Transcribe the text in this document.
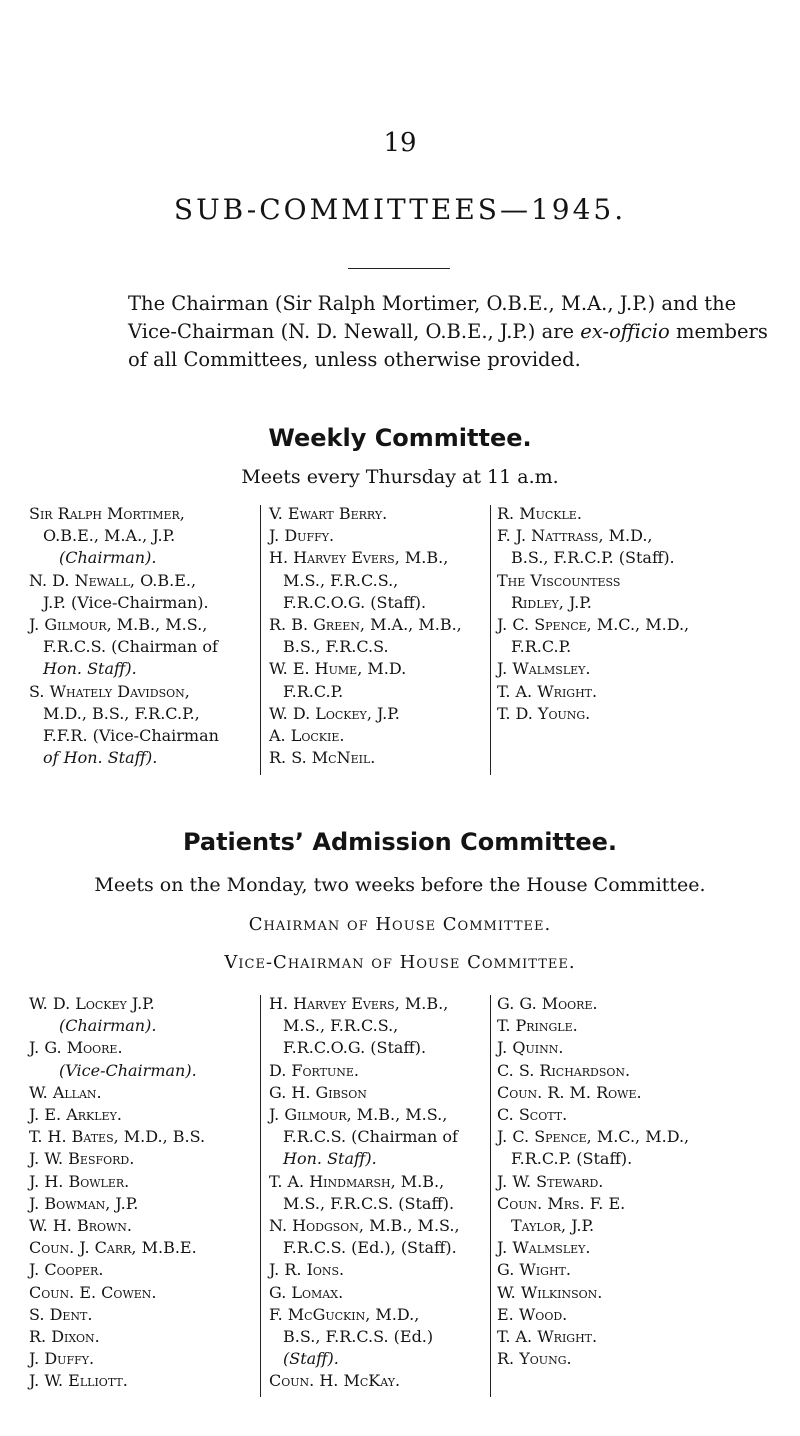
19
SUB-COMMITTEES—1945.
The Chairman (Sir Ralph Mortimer, O.B.E., M.A., J.P.) and the Vice-Chairman (N. D. Newall, O.B.E., J.P.) are ex-officio members of all Committees, unless otherwise provided.
Weekly Committee.
Meets every Thursday at 11 a.m.
Sir Ralph Mortimer,
O.B.E., M.A., J.P.
(Chairman).
N. D. Newall, O.B.E.,
J.P. (Vice-Chairman).
J. Gilmour, M.B., M.S.,
F.R.C.S. (Chairman of
Hon. Staff).
S. Whately Davidson,
M.D., B.S., F.R.C.P.,
F.F.R. (Vice-Chairman
of Hon. Staff).
V. Ewart Berry.
J. Duffy.
H. Harvey Evers, M.B.,
M.S., F.R.C.S.,
F.R.C.O.G. (Staff).
R. B. Green, M.A., M.B.,
B.S., F.R.C.S.
W. E. Hume, M.D.
F.R.C.P.
W. D. Lockey, J.P.
A. Lockie.
R. S. McNeil.
R. Muckle.
F. J. Nattrass, M.D.,
B.S., F.R.C.P. (Staff).
The Viscountess
Ridley, J.P.
J. C. Spence, M.C., M.D.,
F.R.C.P.
J. Walmsley.
T. A. Wright.
T. D. Young.
Patients’ Admission Committee.
Meets on the Monday, two weeks before the House Committee.
Chairman of House Committee.
Vice-Chairman of House Committee.
W. D. Lockey J.P.
(Chairman).
J. G. Moore.
(Vice-Chairman).
W. Allan.
J. E. Arkley.
T. H. Bates, M.D., B.S.
J. W. Besford.
J. H. Bowler.
J. Bowman, J.P.
W. H. Brown.
Coun. J. Carr, M.B.E.
J. Cooper.
Coun. E. Cowen.
S. Dent.
R. Dixon.
J. Duffy.
J. W. Elliott.
H. Harvey Evers, M.B.,
M.S., F.R.C.S.,
F.R.C.O.G. (Staff).
D. Fortune.
G. H. Gibson
J. Gilmour, M.B., M.S.,
F.R.C.S. (Chairman of
Hon. Staff).
T. A. Hindmarsh, M.B.,
M.S., F.R.C.S. (Staff).
N. Hodgson, M.B., M.S.,
F.R.C.S. (Ed.), (Staff).
J. R. Ions.
G. Lomax.
F. McGuckin, M.D.,
B.S., F.R.C.S. (Ed.)
(Staff).
Coun. H. McKay.
G. G. Moore.
T. Pringle.
J. Quinn.
C. S. Richardson.
Coun. R. M. Rowe.
C. Scott.
J. C. Spence, M.C., M.D.,
F.R.C.P. (Staff).
J. W. Steward.
Coun. Mrs. F. E.
Taylor, J.P.
J. Walmsley.
G. Wight.
W. Wilkinson.
E. Wood.
T. A. Wright.
R. Young.
